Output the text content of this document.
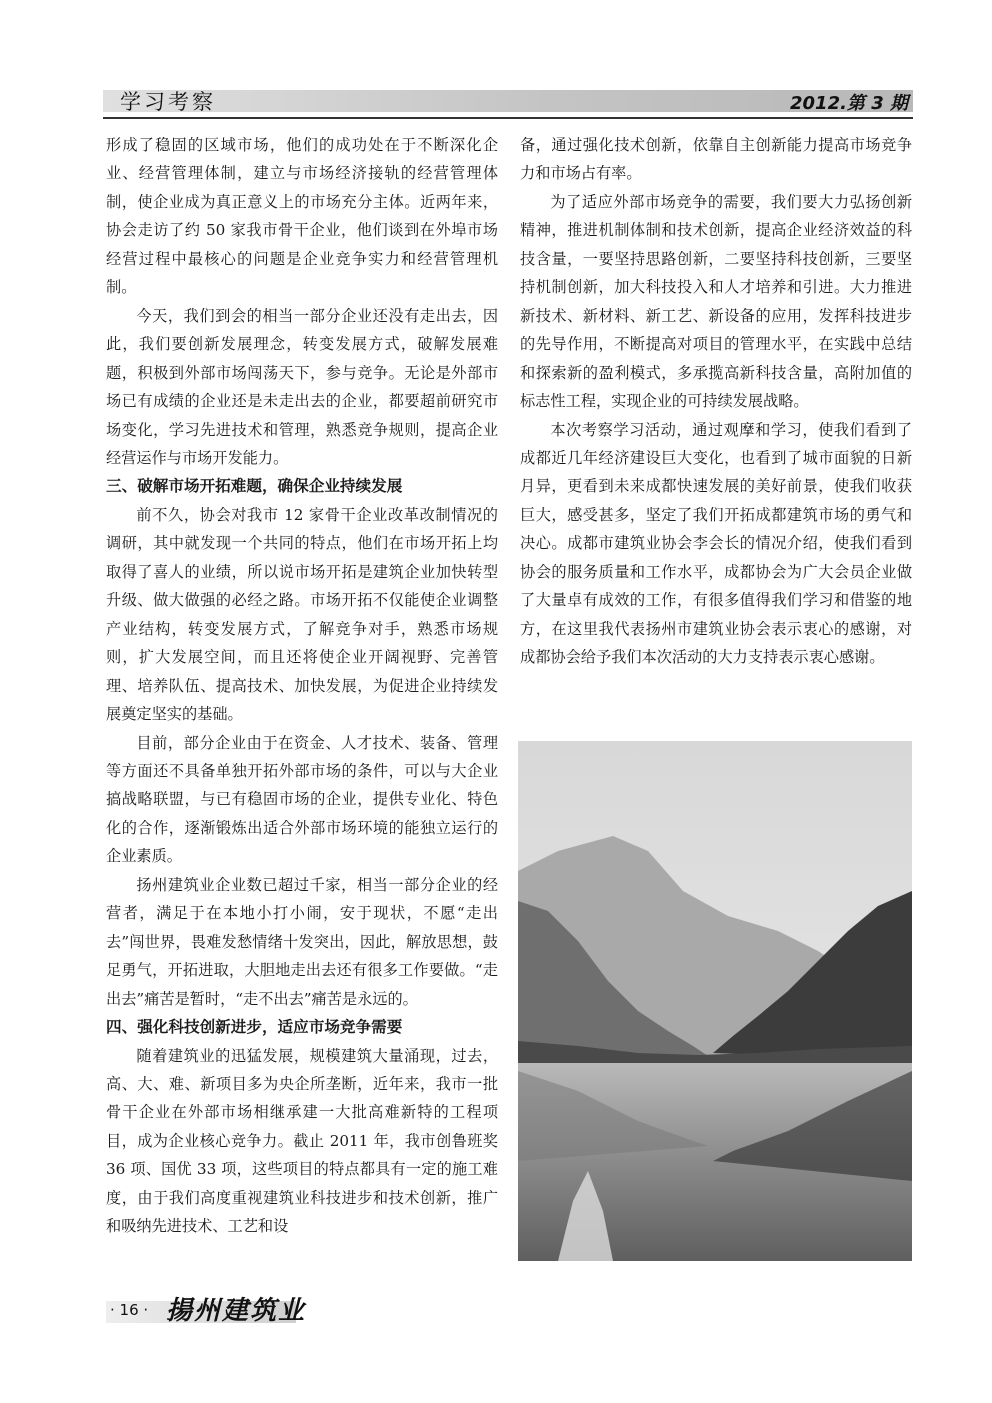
学习考察	2012.第 3 期

形成了稳固的区域市场，他们的成功处在于不断深化企业、经营管理体制，建立与市场经济接轨的经营管理体制，使企业成为真正意义上的市场充分主体。近两年来，协会走访了约 50 家我市骨干企业，他们谈到在外埠市场经营过程中最核心的问题是企业竞争实力和经营管理机制。

今天，我们到会的相当一部分企业还没有走出去，因此，我们要创新发展理念，转变发展方式，破解发展难题，积极到外部市场闯荡天下，参与竞争。无论是外部市场已有成绩的企业还是未走出去的企业，都要超前研究市场变化，学习先进技术和管理，熟悉竞争规则，提高企业经营运作与市场开发能力。

三、破解市场开拓难题，确保企业持续发展

前不久，协会对我市 12 家骨干企业改革改制情况的调研，其中就发现一个共同的特点，他们在市场开拓上均取得了喜人的业绩，所以说市场开拓是建筑企业加快转型升级、做大做强的必经之路。市场开拓不仅能使企业调整产业结构，转变发展方式，了解竞争对手，熟悉市场规则，扩大发展空间，而且还将使企业开阔视野、完善管理、培养队伍、提高技术、加快发展，为促进企业持续发展奠定坚实的基础。

目前，部分企业由于在资金、人才技术、装备、管理等方面还不具备单独开拓外部市场的条件，可以与大企业搞战略联盟，与已有稳固市场的企业，提供专业化、特色化的合作，逐渐锻炼出适合外部市场环境的能独立运行的企业素质。

扬州建筑业企业数已超过千家，相当一部分企业的经营者，满足于在本地小打小闹，安于现状，不愿“走出去”闯世界，畏难发愁情绪十发突出，因此，解放思想，鼓足勇气，开拓进取，大胆地走出去还有很多工作要做。“走出去”痛苦是暂时，“走不出去”痛苦是永远的。

四、强化科技创新进步，适应市场竞争需要

随着建筑业的迅猛发展，规模建筑大量涌现，过去，高、大、难、新项目多为央企所垄断，近年来，我市一批骨干企业在外部市场相继承建一大批高难新特的工程项目，成为企业核心竞争力。截止 2011 年，我市创鲁班奖 36 项、国优 33 项，这些项目的特点都具有一定的施工难度，由于我们高度重视建筑业科技进步和技术创新，推广和吸纳先进技术、工艺和设

备，通过强化技术创新，依靠自主创新能力提高市场竞争力和市场占有率。

为了适应外部市场竞争的需要，我们要大力弘扬创新精神，推进机制体制和技术创新，提高企业经济效益的科技含量，一要坚持思路创新，二要坚持科技创新，三要坚持机制创新，加大科技投入和人才培养和引进。大力推进新技术、新材料、新工艺、新设备的应用，发挥科技进步的先导作用，不断提高对项目的管理水平，在实践中总结和探索新的盈利模式，多承揽高新科技含量，高附加值的标志性工程，实现企业的可持续发展战略。

本次考察学习活动，通过观摩和学习，使我们看到了成都近几年经济建设巨大变化，也看到了城市面貌的日新月异，更看到未来成都快速发展的美好前景，使我们收获巨大，感受甚多，坚定了我们开拓成都建筑市场的勇气和决心。成都市建筑业协会李会长的情况介绍，使我们看到协会的服务质量和工作水平，成都协会为广大会员企业做了大量卓有成效的工作，有很多值得我们学习和借鉴的地方，在这里我代表扬州市建筑业协会表示衷心的感谢，对成都协会给予我们本次活动的大力支持表示衷心感谢。

· 16 · 揚州建筑业
